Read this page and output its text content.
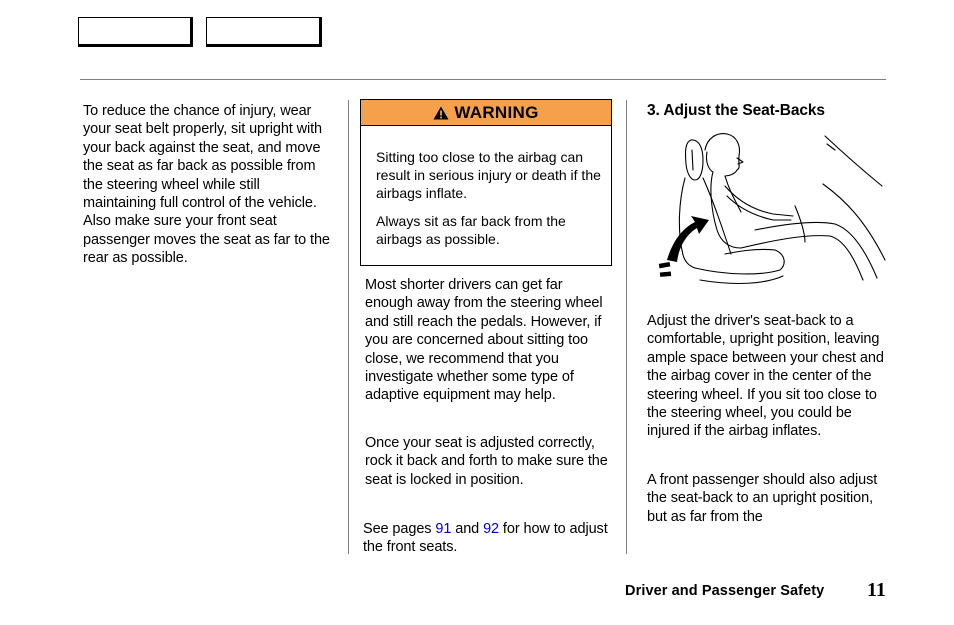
To reduce the chance of injury, wear your seat belt properly, sit upright with your back against the seat, and move the seat as far back as possible from the steering wheel while still maintaining full control of the vehicle. Also make sure your front seat passenger moves the seat as far to the rear as possible.
WARNING
Sitting too close to the airbag can result in serious injury or death if the airbags inflate.
Always sit as far back from the airbags as possible.
Most shorter drivers can get far enough away from the steering wheel and still reach the pedals. However, if you are concerned about sitting too close, we recommend that you investigate whether some type of adaptive equipment may help.
Once your seat is adjusted correctly, rock it back and forth to make sure the seat is locked in position.
See pages 91 and 92 for how to adjust the front seats.
3. Adjust the Seat-Backs
Adjust the driver's seat-back to a comfortable, upright position, leaving ample space between your chest and the airbag cover in the center of the steering wheel. If you sit too close to the steering wheel, you could be injured if the airbag inflates.
A front passenger should also adjust the seat-back to an upright position, but as far from the
Driver and Passenger Safety 11
